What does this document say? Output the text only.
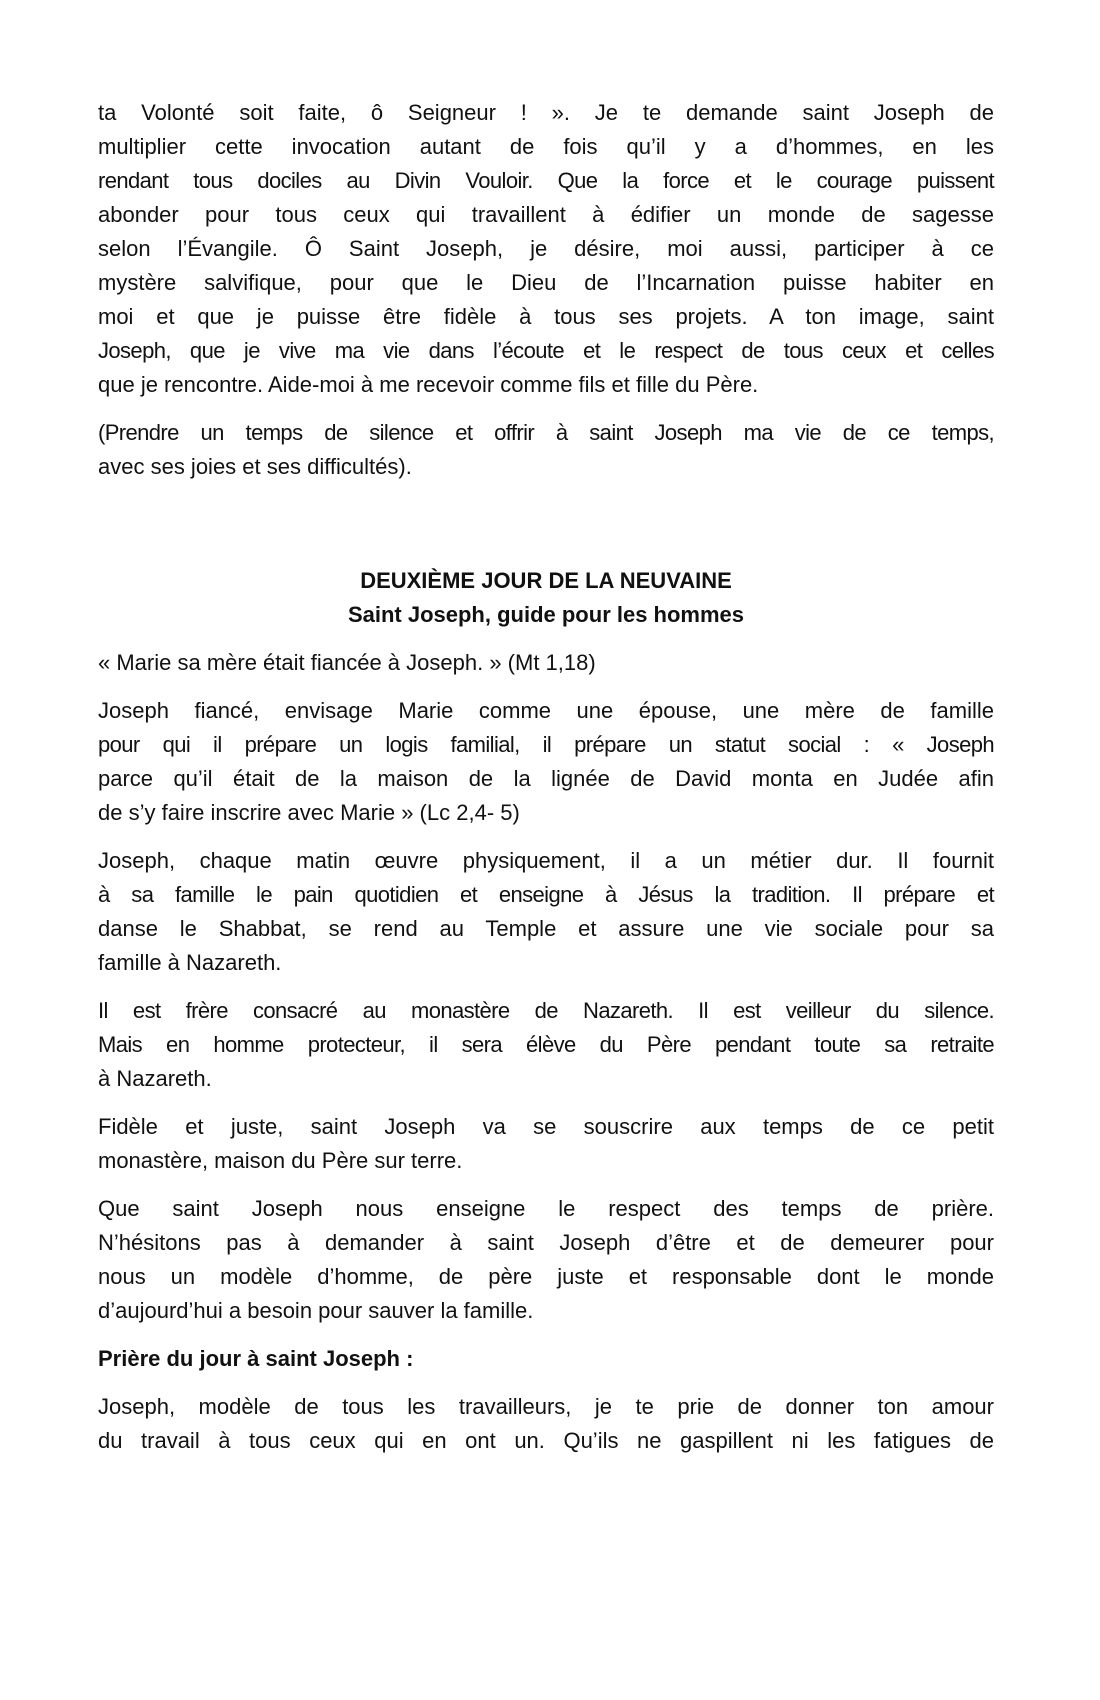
ta Volonté soit faite, ô Seigneur ! ». Je te demande saint Joseph de
multiplier cette invocation autant de fois qu’il y a d’hommes, en les
rendant tous dociles au Divin Vouloir. Que la force et le courage puissent
abonder pour tous ceux qui travaillent à édifier un monde de sagesse
selon l’Évangile. Ô Saint Joseph, je désire, moi aussi, participer à ce
mystère salvifique, pour que le Dieu de l’Incarnation puisse habiter en
moi et que je puisse être fidèle à tous ses projets. A ton image, saint
Joseph, que je vive ma vie dans l’écoute et le respect de tous ceux et celles
que je rencontre. Aide-moi à me recevoir comme fils et fille du Père.
(Prendre un temps de silence et offrir à saint Joseph ma vie de ce temps,
avec ses joies et ses difficultés).
DEUXIÈME JOUR DE LA NEUVAINE
Saint Joseph, guide pour les hommes
« Marie sa mère était fiancée à Joseph. » (Mt 1,18)
Joseph fiancé, envisage Marie comme une épouse, une mère de famille
pour qui il prépare un logis familial, il prépare un statut social : « Joseph
parce qu’il était de la maison de la lignée de David monta en Judée afin
de s’y faire inscrire avec Marie » (Lc 2,4- 5)
Joseph, chaque matin œuvre physiquement, il a un métier dur. Il fournit
à sa famille le pain quotidien et enseigne à Jésus la tradition. Il prépare et
danse le Shabbat, se rend au Temple et assure une vie sociale pour sa
famille à Nazareth.
Il est frère consacré au monastère de Nazareth. Il est veilleur du silence.
Mais en homme protecteur, il sera élève du Père pendant toute sa retraite
à Nazareth.
Fidèle et juste, saint Joseph va se souscrire aux temps de ce petit
monastère, maison du Père sur terre.
Que saint Joseph nous enseigne le respect des temps de prière.
N’hésitons pas à demander à saint Joseph d’être et de demeurer pour
nous un modèle d’homme, de père juste et responsable dont le monde
d’aujourd’hui a besoin pour sauver la famille.
Prière du jour à saint Joseph :
Joseph, modèle de tous les travailleurs, je te prie de donner ton amour
du travail à tous ceux qui en ont un. Qu’ils ne gaspillent ni les fatigues de
